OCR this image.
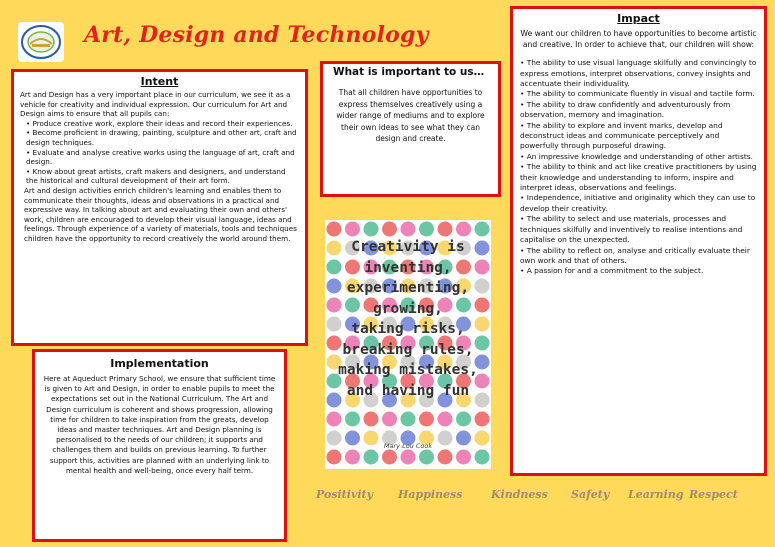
Art, Design and Technology
Intent

Art and Design has a very important place in our curriculum, we see it as a vehicle for creativity and individual expression. Our curriculum for Art and Design aims to ensure that all pupils can:

• Produce creative work, explore their ideas and record their experiences.

• Become proficient in drawing, painting, sculpture and other art, craft and design techniques.

• Evaluate and analyse creative works using the language of art, craft and design.

• Know about great artists, craft makers and designers, and understand the historical and cultural development of their art form.

Art and design activities enrich children's learning and enables them to communicate their thoughts, ideas and observations in a practical and expressive way. In talking about art and evaluating their own and others' work, children are encouraged to develop their visual language, ideas and feelings. Through experience of a variety of materials, tools and techniques children have the opportunity to record creatively the world around them.

Implementation
Here at Aqueduct Primary School, we ensure that sufficient time is given to Art and Design, in order to enable pupils to meet the expectations set out in the National Curriculum. The Art and Design curriculum is coherent and shows progression, allowing time for children to take inspiration from the greats, develop ideas and master techniques. Art and Design planning is personalised to the needs of our children; it supports and challenges them and builds on previous learning. To further support this, activities are planned with an underlying link to mental health and well-being, once every half term.
What is important to us…
That all children have opportunities to express themselves creatively using a wider range of mediums and to explore their own ideas to see what they can design and create.
Creativity is
inventing,
experimenting,
growing,
taking risks,
breaking rules,
making mistakes,
and having fun
Mary Lou Cook
Impact
We want our children to have opportunities to become artistic and creative. In order to achieve that, our children will show:
• The ability to use visual language skilfully and convincingly to express emotions, interpret observations, convey insights and accentuate their individuality.
• The ability to communicate fluently in visual and tactile form.
• The ability to draw confidently and adventurously from observation, memory and imagination.
• The ability to explore and invent marks, develop and deconstruct ideas and communicate perceptively and powerfully through purposeful drawing.
• An impressive knowledge and understanding of other artists.
• The ability to think and act like creative practitioners by using their knowledge and understanding to inform, inspire and interpret ideas, observations and feelings.
• Independence, initiative and originality which they can use to develop their creativity.
• The ability to select and use materials, processes and techniques skilfully and inventively to realise intentions and capitalise on the unexpected.
• The ability to reflect on, analyse and critically evaluate their own work and that of others.
• A passion for and a commitment to the subject.
Positivity Happiness	Kindness Safety Learning Respect
